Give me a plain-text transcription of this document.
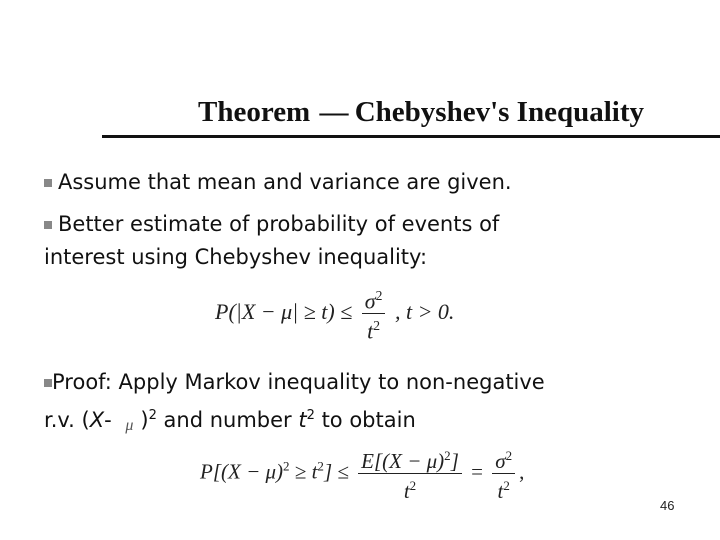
Theorem — Chebyshev's Inequality
Assume that mean and variance are given.
Better estimate of probability of events of
interest using Chebyshev inequality:
$P(|X - \mu| \ge t) \le \frac{\sigma^2}{t^2}$ , t > 0.
Proof: Apply Markov inequality to non-negative
r.v. (X- μ )$^2$ and number $t^2$ to obtain
$P[(X - \mu)^2 \ge t^2] \le \frac{E[(X - \mu)^2]}{t^2} = \frac{\sigma^2}{t^2}$ ,
46
